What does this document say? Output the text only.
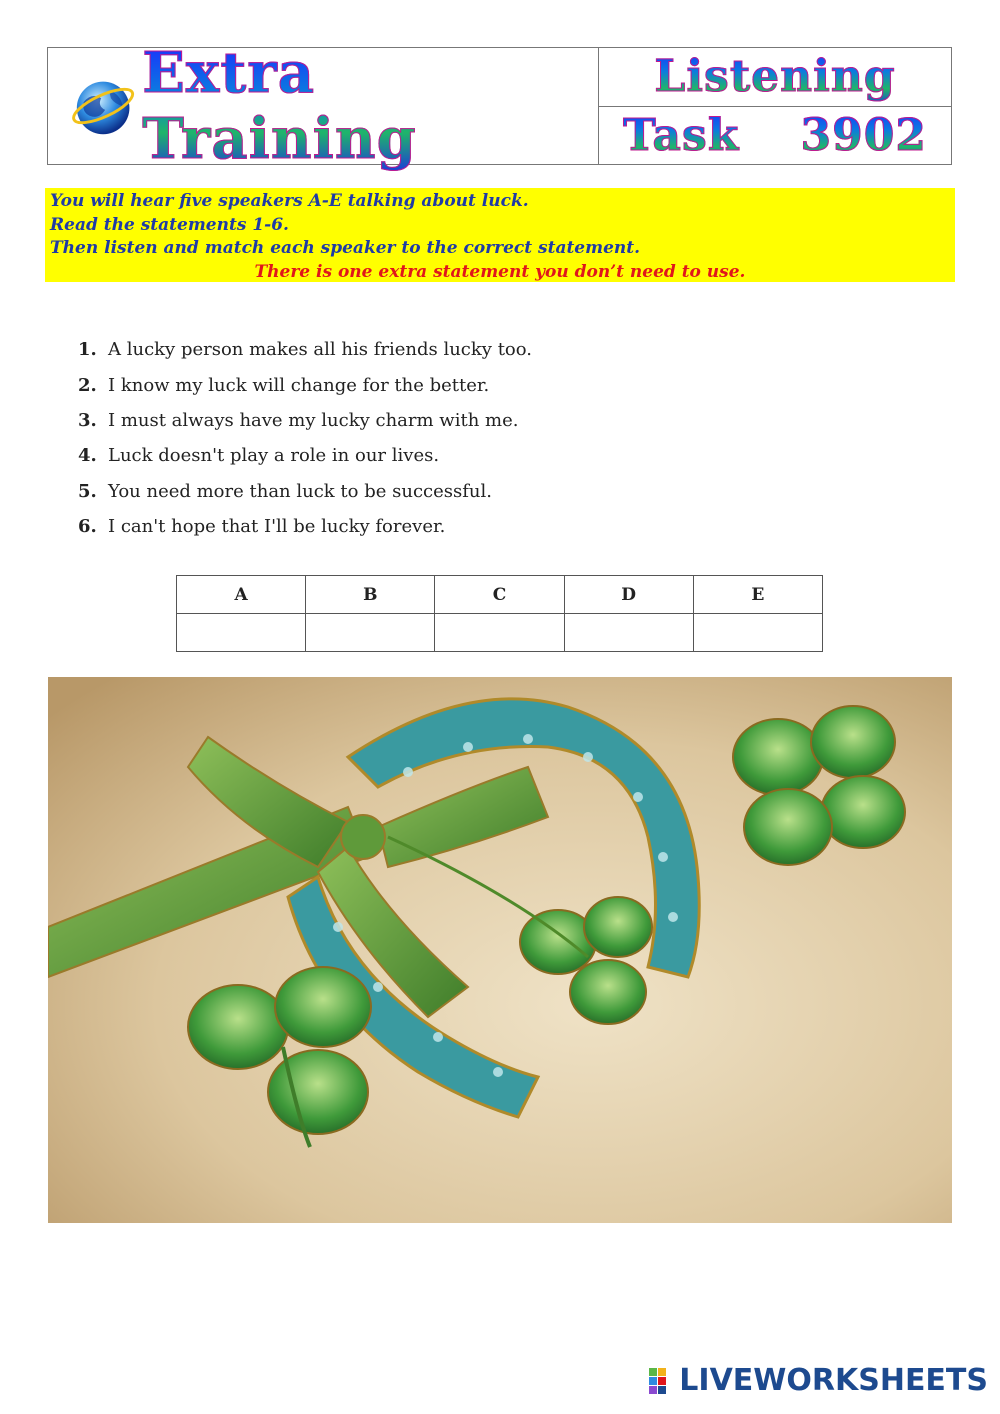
Extra Training
Listening
Task 3902
You will hear five speakers A-E talking about luck.
Read the statements 1-6.
Then listen and match each speaker to the correct statement.
There is one extra statement you don’t need to use.
1. A lucky person makes all his friends lucky too.
2. I know my luck will change for the better.
3. I must always have my lucky charm with me.
4. Luck doesn't play a role in our lives.
5. You need more than luck to be successful.
6. I can't hope that I'll be lucky forever.
A	B	C	D	E

LIVEWORKSHEETS
